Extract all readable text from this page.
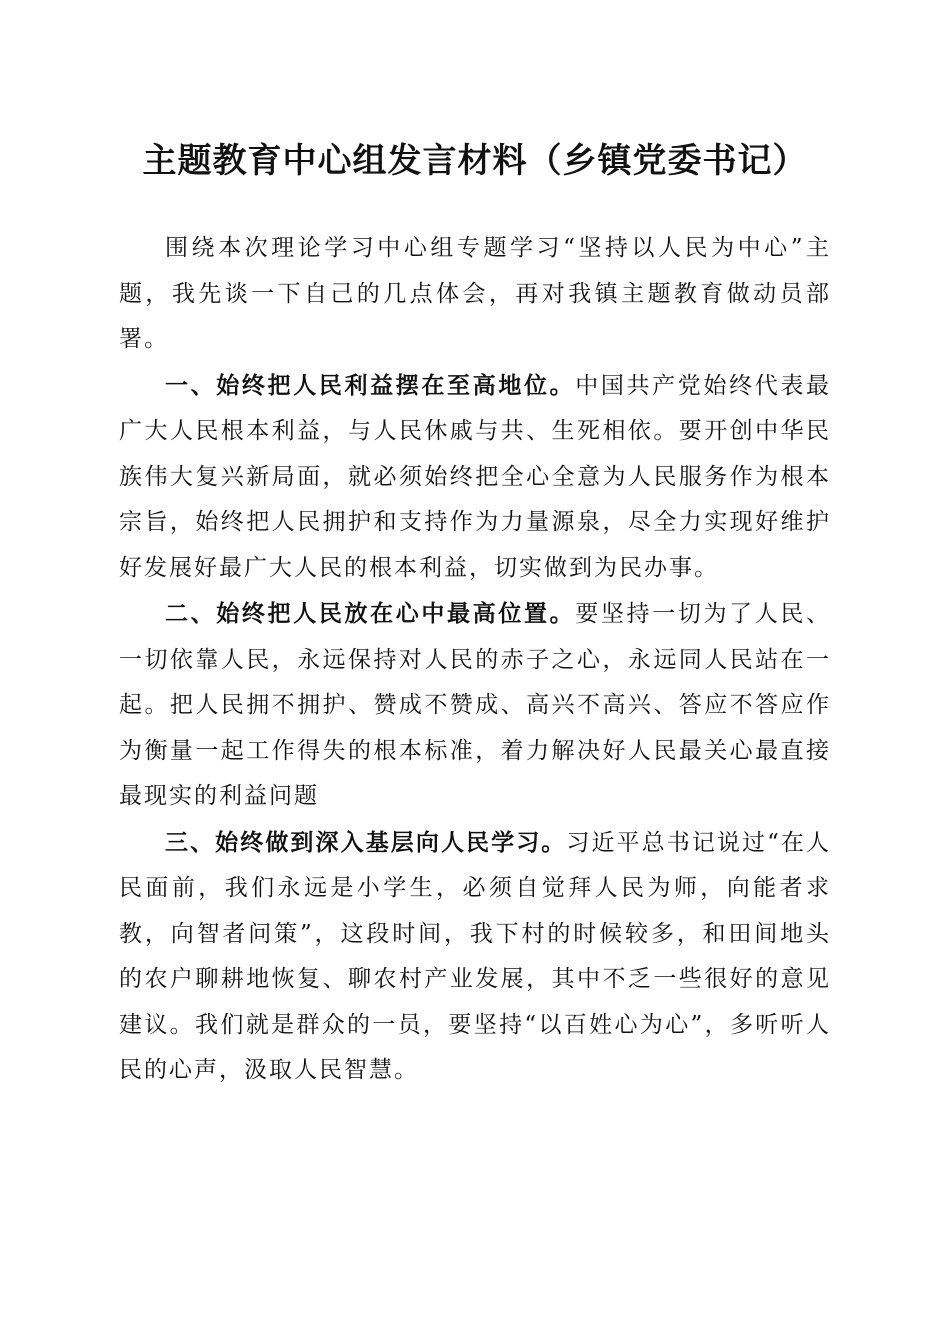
主题教育中心组发言材料（乡镇党委书记）

围绕本次理论学习中心组专题学习“坚持以人民为中心”主题，我先谈一下自己的几点体会，再对我镇主题教育做动员部署。

一、始终把人民利益摆在至高地位。中国共产党始终代表最广大人民根本利益，与人民休戚与共、生死相依。要开创中华民族伟大复兴新局面，就必须始终把全心全意为人民服务作为根本宗旨，始终把人民拥护和支持作为力量源泉，尽全力实现好维护好发展好最广大人民的根本利益，切实做到为民办事。

二、始终把人民放在心中最高位置。要坚持一切为了人民、一切依靠人民，永远保持对人民的赤子之心，永远同人民站在一起。把人民拥不拥护、赞成不赞成、高兴不高兴、答应不答应作为衡量一起工作得失的根本标准，着力解决好人民最关心最直接最现实的利益问题

三、始终做到深入基层向人民学习。习近平总书记说过“在人民面前，我们永远是小学生，必须自觉拜人民为师，向能者求教，向智者问策”，这段时间，我下村的时候较多，和田间地头的农户聊耕地恢复、聊农村产业发展，其中不乏一些很好的意见建议。我们就是群众的一员，要坚持“以百姓心为心”，多听听人民的心声，汲取人民智慧。
